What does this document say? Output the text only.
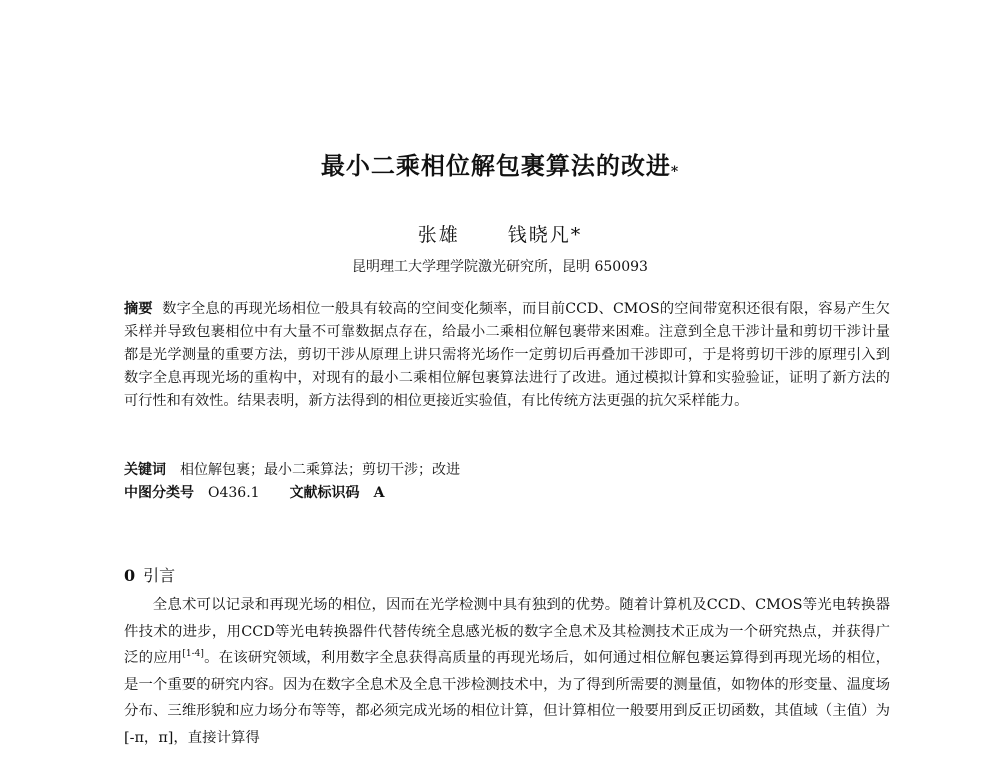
最小二乘相位解包裹算法的改进*
张雄	钱晓凡*
昆明理工大学理学院激光研究所，昆明 650093

摘要 数字全息的再现光场相位一般具有较高的空间变化频率，而目前CCD、CMOS的空间带宽积还很有限，容易产生欠采样并导致包裹相位中有大量不可靠数据点存在，给最小二乘相位解包裹带来困难。注意到全息干涉计量和剪切干涉计量都是光学测量的重要方法，剪切干涉从原理上讲只需将光场作一定剪切后再叠加干涉即可，于是将剪切干涉的原理引入到数字全息再现光场的重构中，对现有的最小二乘相位解包裹算法进行了改进。通过模拟计算和实验验证，证明了新方法的可行性和有效性。结果表明，新方法得到的相位更接近实验值，有比传统方法更强的抗欠采样能力。

关键词 相位解包裹；最小二乘算法；剪切干涉；改进

中图分类号 O436.1 文献标识码 A

0 引言

全息术可以记录和再现光场的相位，因而在光学检测中具有独到的优势。随着计算机及CCD、CMOS等光电转换器件技术的进步，用CCD等光电转换器件代替传统全息感光板的数字全息术及其检测技术正成为一个研究热点，并获得广泛的应用[1-4]。在该研究领域，利用数字全息获得高质量的再现光场后，如何通过相位解包裹运算得到再现光场的相位，是一个重要的研究内容。因为在数字全息术及全息干涉检测技术中，为了得到所需要的测量值，如物体的形变量、温度场分布、三维形貌和应力场分布等等，都必须完成光场的相位计算，但计算相位一般要用到反正切函数，其值域（主值）为[-π，π]，直接计算得
